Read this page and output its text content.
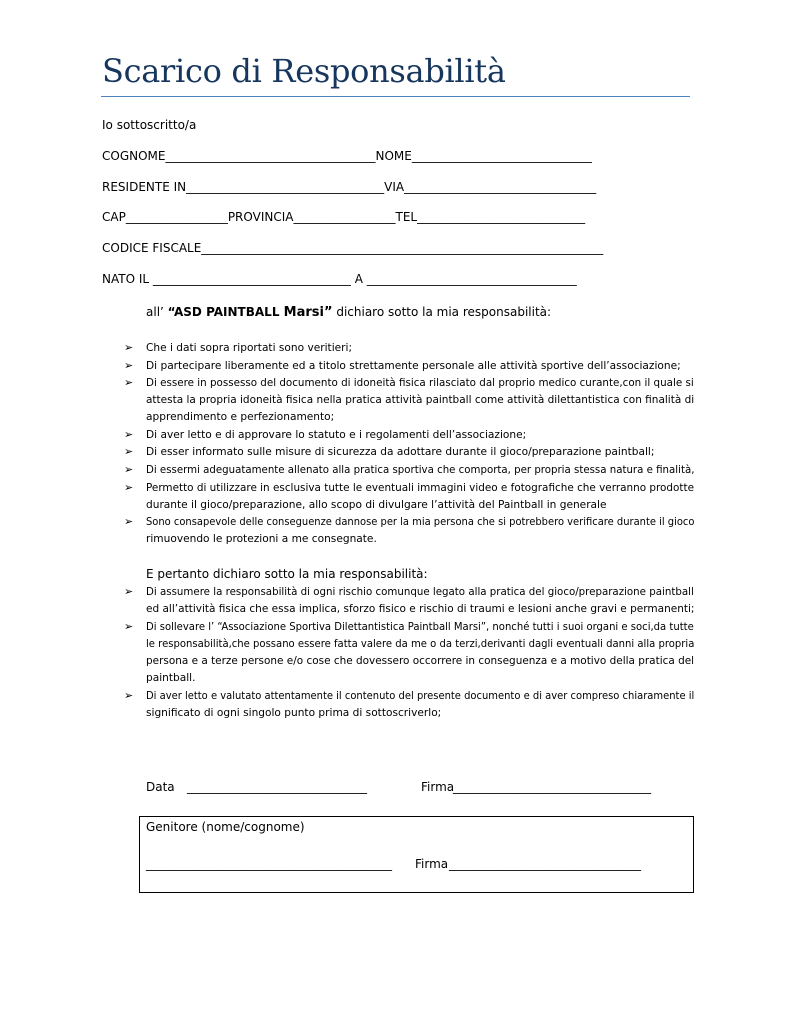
Scarico di Responsabilità
Io sottoscritto/a
COGNOME___________________________________NOME______________________________
RESIDENTE IN_________________________________VIA________________________________
CAP_________________PROVINCIA_________________TEL____________________________
CODICE FISCALE___________________________________________________________________
NATO IL _________________________________ A ___________________________________
all’ “ASD PAINTBALL Marsi” dichiaro sotto la mia responsabilità:
➢ Che i dati sopra riportati sono veritieri;
➢ Di partecipare liberamente ed a titolo strettamente personale alle attività sportive dell’associazione;
➢ Di essere in possesso del documento di idoneità fisica rilasciato dal proprio medico curante,con il quale si
attesta la propria idoneità fisica nella pratica attività paintball come attività dilettantistica con finalità di
apprendimento e perfezionamento;
➢ Di aver letto e di approvare lo statuto e i regolamenti dell’associazione;
➢ Di esser informato sulle misure di sicurezza da adottare durante il gioco/preparazione paintball;
➢ Di essermi adeguatamente allenato alla pratica sportiva che comporta, per propria stessa natura e finalità,
➢ Permetto di utilizzare in esclusiva tutte le eventuali immagini video e fotografiche che verranno prodotte
durante il gioco/preparazione, allo scopo di divulgare l’attività del Paintball in generale
➢ Sono consapevole delle conseguenze dannose per la mia persona che si potrebbero verificare durante il gioco
rimuovendo le protezioni a me consegnate.
E pertanto dichiaro sotto la mia responsabilità:
➢ Di assumere la responsabilità di ogni rischio comunque legato alla pratica del gioco/preparazione paintball
ed all’attività fisica che essa implica, sforzo fisico e rischio di traumi e lesioni anche gravi e permanenti;
➢ Di sollevare l’ “Associazione Sportiva Dilettantistica Paintball Marsi”, nonché tutti i suoi organi e soci,da tutte
le responsabilità,che possano essere fatta valere da me o da terzi,derivanti dagli eventuali danni alla propria
persona e a terze persone e/o cose che dovessero occorrere in conseguenza e a motivo della pratica del
paintball.
➢ Di aver letto e valutato attentamente il contenuto del presente documento e di aver compreso chiaramente il
significato di ogni singolo punto prima di sottoscriverlo;
Data ______________________________	Firma
_________________________________
Genitore (nome/cognome)
_________________________________________ Firma ________________________________
